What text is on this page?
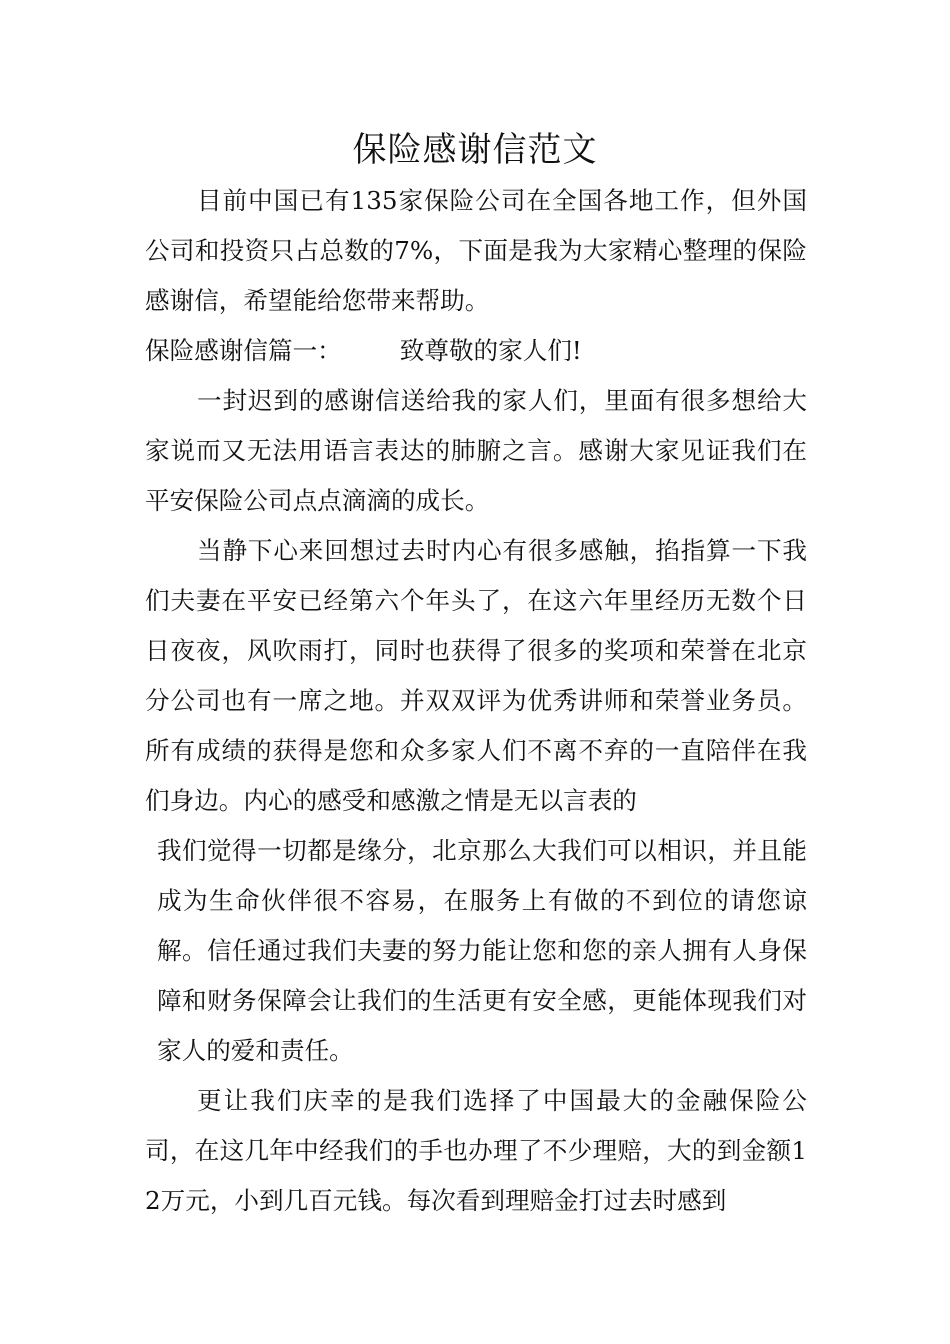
保险感谢信范文

目前中国已有135家保险公司在全国各地工作，但外国公司和投资只占总数的7%，下面是我为大家精心整理的保险感谢信，希望能给您带来帮助。

保险感谢信篇一： 致尊敬的家人们!

一封迟到的感谢信送给我的家人们，里面有很多想给大家说而又无法用语言表达的肺腑之言。感谢大家见证我们在平安保险公司点点滴滴的成长。

当静下心来回想过去时内心有很多感触，掐指算一下我们夫妻在平安已经第六个年头了，在这六年里经历无数个日日夜夜，风吹雨打，同时也获得了很多的奖项和荣誉在北京分公司也有一席之地。并双双评为优秀讲师和荣誉业务员。所有成绩的获得是您和众多家人们不离不弃的一直陪伴在我们身边。内心的感受和感激之情是无以言表的

我们觉得一切都是缘分，北京那么大我们可以相识，并且能成为生命伙伴很不容易，在服务上有做的不到位的请您谅解。信任通过我们夫妻的努力能让您和您的亲人拥有人身保障和财务保障会让我们的生活更有安全感，更能体现我们对家人的爱和责任。

更让我们庆幸的是我们选择了中国最大的金融保险公司，在这几年中经我们的手也办理了不少理赔，大的到金额12万元，小到几百元钱。每次看到理赔金打过去时感到
